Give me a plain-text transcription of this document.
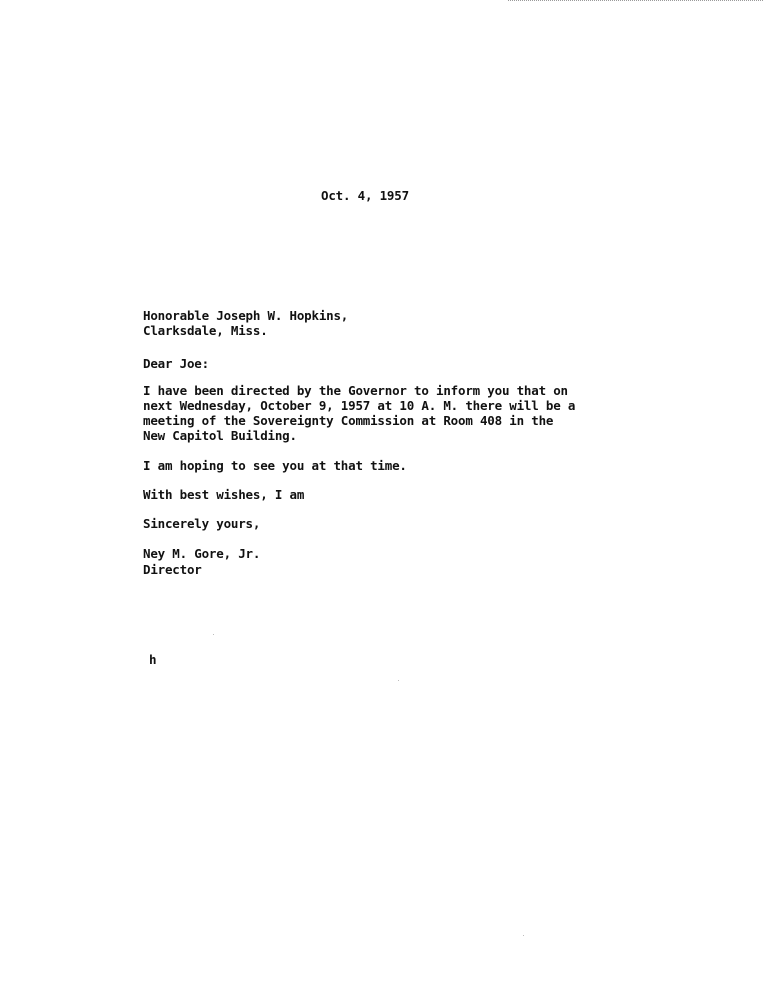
Oct. 4, 1957
Honorable Joseph W. Hopkins,
Clarksdale, Miss.
Dear Joe:
I have been directed by the Governor to inform you that on
next Wednesday, October 9, 1957 at 10 A. M. there will be a
meeting of the Sovereignty Commission at Room 408 in the
New Capitol Building.
I am hoping to see you at that time.
With best wishes, I am
Sincerely yours,
Ney M. Gore, Jr.
Director
h
